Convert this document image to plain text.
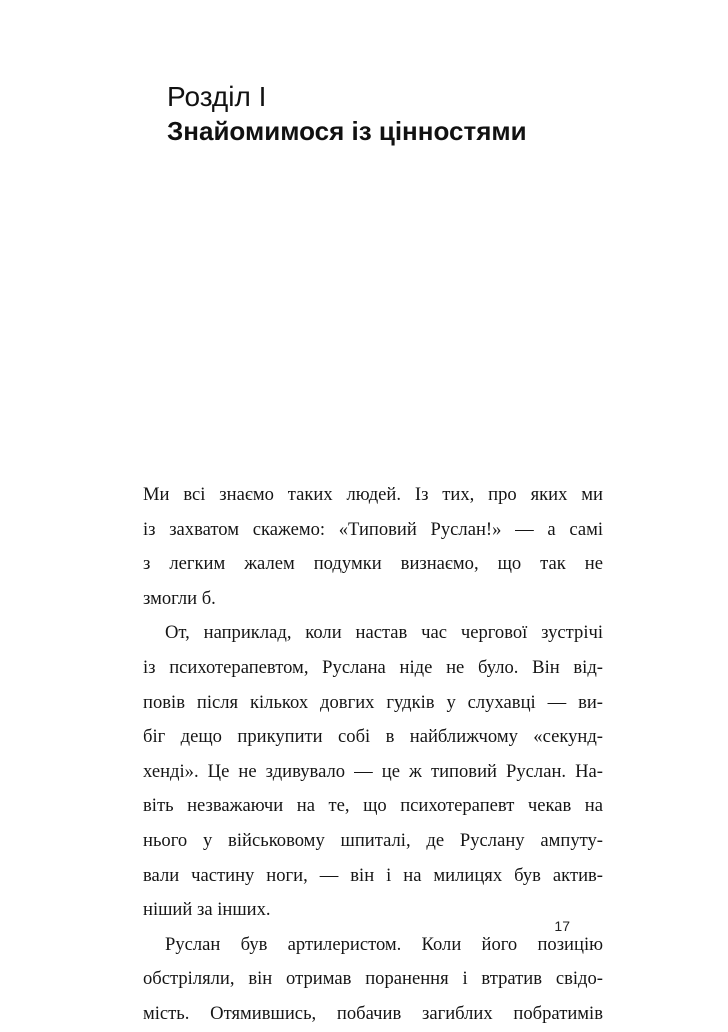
Розділ I
Знайомимося із цінностями
Ми всі знаємо таких людей. Із тих, про яких ми
із захватом скажемо: «Типовий Руслан!» — а самі
з легким жалем подумки визнаємо, що так не
змогли б.
От, наприклад, коли настав час чергової зустрічі
із психотерапевтом, Руслана ніде не було. Він від-
повів після кількох довгих гудків у слухавці — ви-
біг дещо прикупити собі в найближчому «секунд-
хенді». Це не здивувало — це ж типовий Руслан. На-
віть незважаючи на те, що психотерапевт чекав на
нього у військовому шпиталі, де Руслану ампуту-
вали частину ноги, — він і на милицях був актив-
ніший за інших.
Руслан був артилеристом. Коли його позицію
обстріляли, він отримав поранення і втратив свідо-
мість. Отямившись, побачив загиблих побратимів
17
